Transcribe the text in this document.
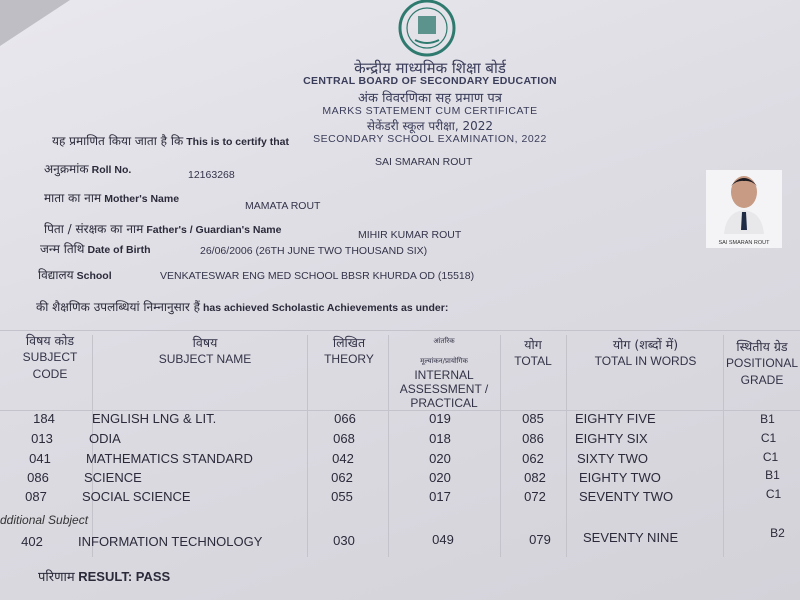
केन्द्रीय माध्यमिक शिक्षा बोर्ड
CENTRAL BOARD OF SECONDARY EDUCATION
अंक विवरणिका सह प्रमाण पत्र
MARKS STATEMENT CUM CERTIFICATE
सेकेंडरी स्कूल परीक्षा, 2022
SECONDARY SCHOOL EXAMINATION, 2022
यह प्रमाणित किया जाता है कि This is to certify that
SAI SMARAN ROUT
अनुक्रमांक Roll No.	12163268
माता का नाम Mother's Name
MAMATA ROUT
पिता / संरक्षक का नाम Father's / Guardian's Name	MIHIR KUMAR ROUT
जन्म तिथि Date of Birth	26/06/2006 (26TH JUNE TWO THOUSAND SIX)
विद्यालय School	VENKATESWAR ENG MED SCHOOL BBSR KHURDA OD (15518)
की शैक्षणिक उपलब्धियां निम्नानुसार हैं has achieved Scholastic Achievements as under:
SAI SMARAN ROUT
विषय कोड
SUBJECT
CODE
विषय
SUBJECT NAME
लिखित
THEORY
आंतरिक
मूल्यांकन/प्रायोगिक
INTERNAL
ASSESSMENT /
PRACTICAL
योग
TOTAL
योग (शब्दों में)
TOTAL IN WORDS
स्थितीय ग्रेड
POSITIONAL
GRADE
184	ENGLISH LNG & LIT.	066	019	085	EIGHTY FIVE	B1
013	ODIA	068	018	086	EIGHTY SIX	C1
041	MATHEMATICS STANDARD	042	020	062	SIXTY TWO	C1
086	SCIENCE	062	020	082	EIGHTY TWO	B1
087	SOCIAL SCIENCE	055	017	072	SEVENTY TWO	C1
dditional Subject
402	INFORMATION TECHNOLOGY	030	049	079	SEVENTY NINE	B2
परिणाम RESULT: PASS
